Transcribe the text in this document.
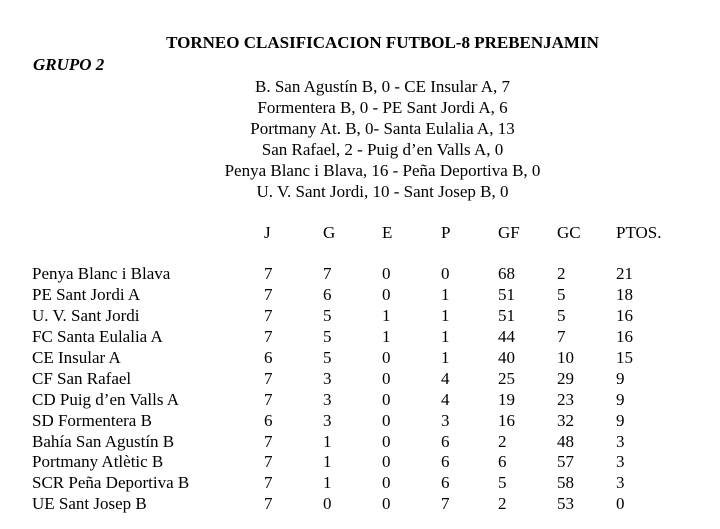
TORNEO CLASIFICACION FUTBOL-8 PREBENJAMIN
GRUPO 2
B. San Agustín B, 0 - CE Insular A, 7
Formentera B, 0 - PE Sant Jordi A, 6
Portmany At. B, 0- Santa Eulalia A, 13
San Rafael, 2 - Puig d’en Valls A, 0
Penya Blanc i Blava, 16 - Peña Deportiva B, 0
U. V. Sant Jordi, 10 - Sant Josep B, 0
J	G	E	P	GF GC PTOS.
Penya Blanc i Blava	7	7	0	0	68 2	21
PE Sant Jordi A	7	6	0	1	51 5	18
U. V. Sant Jordi	7	5	1	1	51 5	16
FC Santa Eulalia A	7	5	1	1	44 7	16
CE Insular A	6	5	0	1	40 10 15
CF San Rafael	7	3	0	4	25 29 9
CD Puig d’en Valls A	7	3	0	4	19 23 9
SD Formentera B	6	3	0	3	16 32 9
Bahía San Agustín B	7	1	0	6	2	48 3
Portmany Atlètic B	7	1	0	6	6	57 3
SCR Peña Deportiva B	7	1	0	6	5	58 3
UE Sant Josep B	7	0	0	7	2	53 0
